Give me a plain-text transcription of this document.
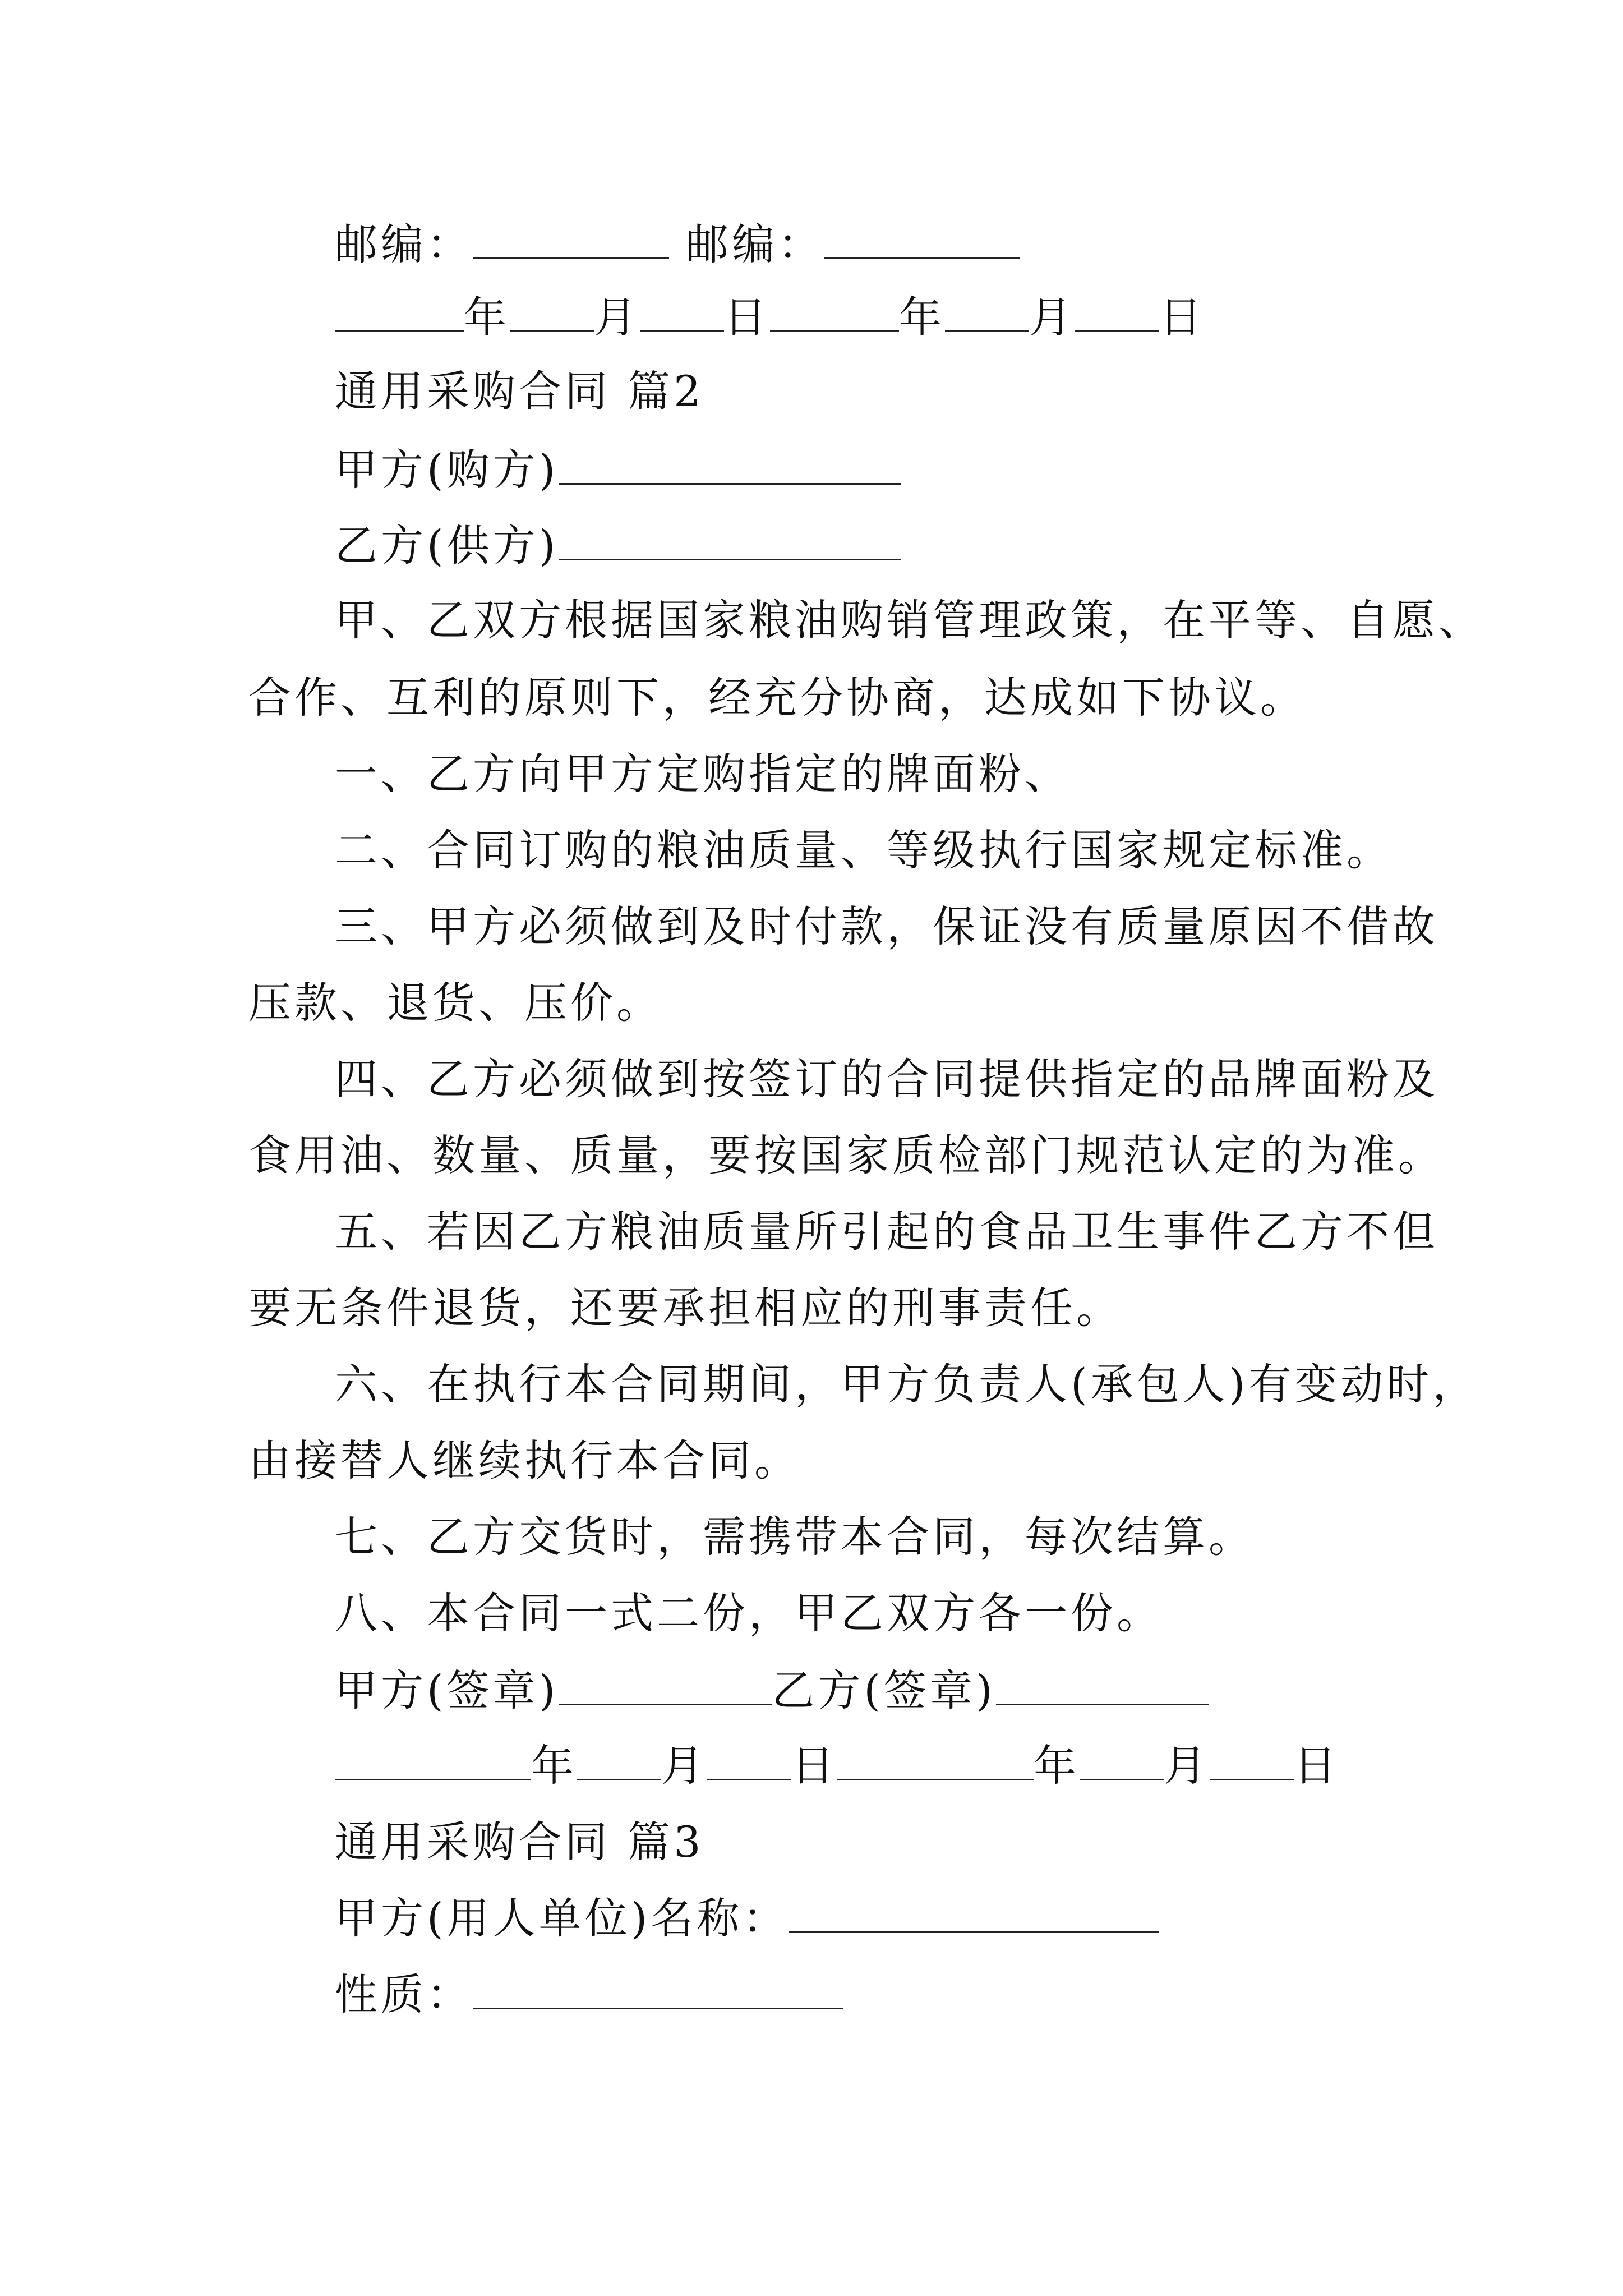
邮编：	邮编：
年 月 日	年 月 日
通用采购合同 篇2
甲方(购方)
乙方(供方)
甲、乙双方根据国家粮油购销管理政策，在平等、自愿、
合作、互利的原则下，经充分协商，达成如下协议。
一、乙方向甲方定购指定的牌面粉、
二、合同订购的粮油质量、等级执行国家规定标准。
三、甲方必须做到及时付款，保证没有质量原因不借故
压款、退货、压价。
四、乙方必须做到按签订的合同提供指定的品牌面粉及
食用油、数量、质量，要按国家质检部门规范认定的为准。
五、若因乙方粮油质量所引起的食品卫生事件乙方不但
要无条件退货，还要承担相应的刑事责任。
六、在执行本合同期间，甲方负责人(承包人)有变动时，
由接替人继续执行本合同。
七、乙方交货时，需携带本合同，每次结算。
八、本合同一式二份，甲乙双方各一份。
甲方(签章)	乙方(签章)
年 月 日	年 月 日
通用采购合同 篇3
甲方(用人单位)名称：
性质：
